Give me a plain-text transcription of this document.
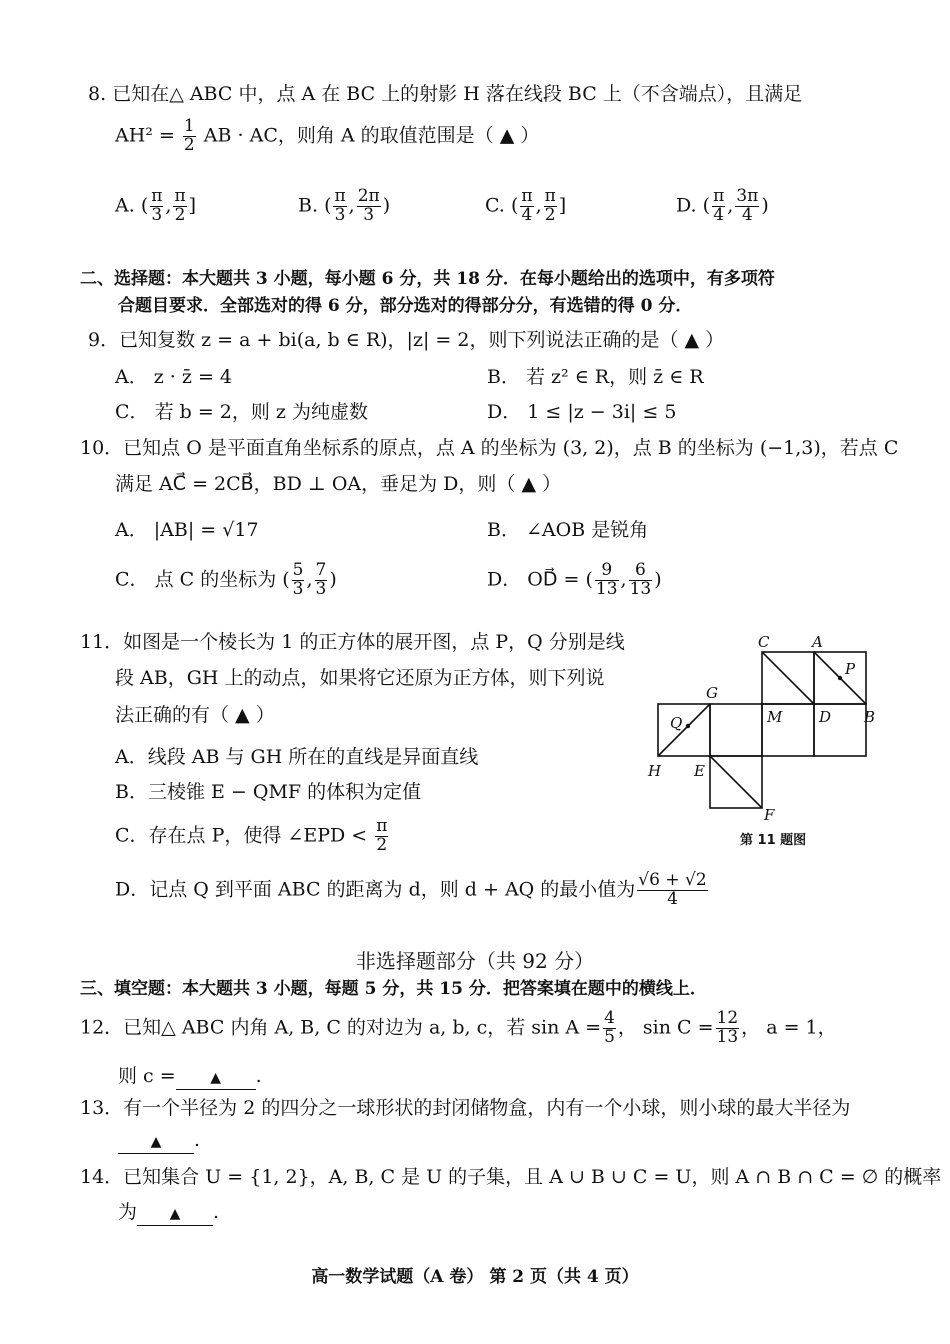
8. 已知在△ ABC 中，点 A 在 BC 上的射影 H 落在线段 BC 上（不含端点），且满足
$AH^2 = \frac{1}{2}$ AB · AC，则角 A 的取值范围是（ ▲ ）
A. ( $\frac{\pi}{3}$ , $\frac{\pi}{2}$ ]	B. ( $\frac{\pi}{3}$ , $\frac{2\pi}{3}$ )	C. ( $\frac{\pi}{4}$ , $\frac{\pi}{2}$ ]	D. ( $\frac{\pi}{4}$ , $\frac{3\pi}{4}$ )
二、选择题：本大题共 3 小题，每小题 6 分，共 18 分．在每小题给出的选项中，有多项符
合题目要求．全部选对的得 6 分，部分选对的得部分分，有选错的得 0 分．
9．已知复数 z = a + bi(a, b ∈ R)，|z| = 2，则下列说法正确的是（ ▲ ）
A． z · z̄ = 4	B． 若 z² ∈ R，则 z̄ ∈ R
C． 若 b = 2，则 z 为纯虚数	D． 1 ≤ |z − 3i| ≤ 5
10．已知点 O 是平面直角坐标系的原点，点 A 的坐标为 (3, 2)，点 B 的坐标为 (−1,3)，若点 C
满足 AC⃗ = 2CB⃗，BD ⊥ OA，垂足为 D，则（ ▲ ）
A． |AB| = √17	B． ∠AOB 是锐角
C． 点 C 的坐标为 ( $\frac{5}{3}$ , $\frac{7}{3}$ )	D． OD⃗ = ( $\frac{9}{13}$ , $\frac{6}{13}$ )
11．如图是一个棱长为 1 的正方体的展开图，点 P，Q 分别是线
段 AB，GH 上的动点，如果将它还原为正方体，则下列说
法正确的有（ ▲ ）
A．线段 AB 与 GH 所在的直线是异面直线
B．三棱锥 E − QMF 的体积为定值
C．存在点 P，使得 ∠EPD < $\frac{\pi}{2}$
D．记点 Q 到平面 ABC 的距离为 d，则 d + AQ 的最小值为 $\frac{√6 + √2}{4}$
C	A
P
G
Q	M D B
H E
F
第 11 题图
非选择题部分（共 92 分）
三、填空题：本大题共 3 小题，每题 5 分，共 15 分．把答案填在题中的横线上．
12．已知△ ABC 内角 A, B, C 的对边为 a, b, c，若 $\sin A = \frac{4}{5}$ ， $\sin C = \frac{12}{13}$ ， a = 1，
则 c = ▲ .
13．有一个半径为 2 的四分之一球形状的封闭储物盒，内有一个小球，则小球的最大半径为
▲ .
14．已知集合 U = {1, 2}，A, B, C 是 U 的子集，且 A ∪ B ∪ C = U，则 A ∩ B ∩ C = ∅ 的概率
为 ▲ .
高一数学试题（A 卷） 第 2 页（共 4 页）
